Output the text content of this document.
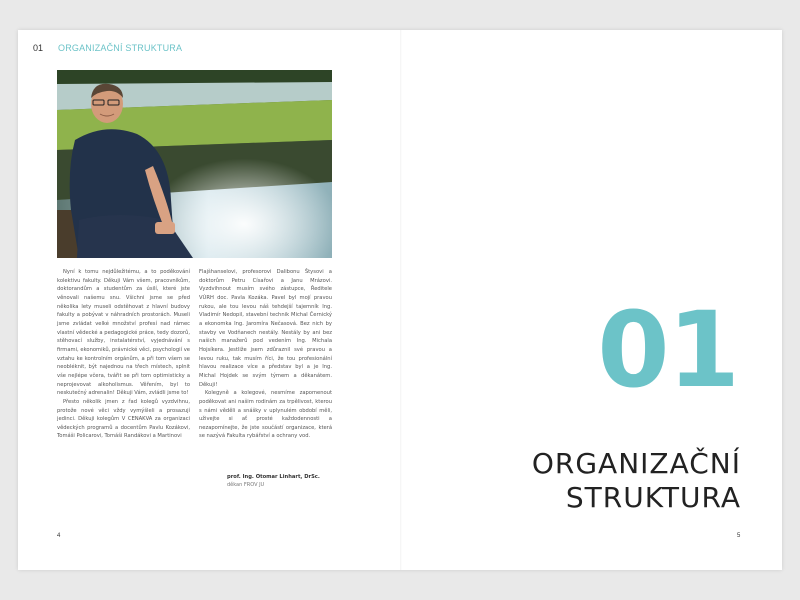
01 ORGANIZAČNÍ STRUKTURA

Nyní k tomu nejdůležitému, a to poděkování kolektivu fakulty. Děkuji Vám všem, pracovníkům, doktorandům a studentům za úsilí, které jste věnovali našemu snu. Všichni jsme se před několika lety museli odstěhovat z hlavní budovy fakulty a pobývat v náhradních prostorách. Museli jsme zvládat velké množství profesí nad rámec vlastní vědecké a pedagogické práce, tedy dozorů, stěhovací služby, instalatérství, vyjednávání s firmami, ekonomiků, právnické věci, psychologií ve vztahu ke kontrolním orgánům, a při tom všem se neobléknit, být najednou na třech místech, splnit vše nejlépe včera, tvářit se při tom optimisticky a neprojevovat alkoholismus. Věřením, byl to neskutečný adrenalin! Děkuji Vám, zvládli jsme to!

Přesto několik jmen z řad kolegů vyzdvihnu, protože nové věci vždy vymýšleli a prosazují jedinci. Děkuji kolegům V CENAKVA za organizaci vědeckých programů a docentům Pavlu Kozákovi, Tomáši Policarovi, Tomáši Randákovi a Martinovi

Flajšhanselovi, profesorovi Dalibonu Štysovi a doktorům Petru Císařovi a Janu Mrázovi. Vyzdvihnout musím svého zástupce, Ředitele VÚRH doc. Pavla Kozáka. Pavel byl mojí pravou rukou, ale tou levou náš tehdejší tajemník Ing. Vladimír Nedopil, stavební technik Michal Černický a ekonomka Ing. Jaromíra Nečasová. Bez nich by stavby ve Vodňanech nestály. Nestály by ani bez našich manažerů pod vedením Ing. Michala Hojsíkera. Jestliže jsem zdůraznil své pravou a levou ruku, tak musím říci, že tou profesionální hlavou realizace více a představ byl a je Ing. Michal Hojdek se svým týmem a děkanátem. Děkuji!

Kolegyně a kolegové, nesmíme zapomenout poděkovat ani našim rodinám za trpělivost, kterou s námi věděli a snášky v uplynulém období měli, uživejte si ať prosté každodennosti a nezapomínejte, že jste součástí organizace, která se nazývá Fakulta rybářství a ochrany vod.

prof. Ing. Otomar Linhart, DrSc.
děkan FROV JU
4	5
01
ORGANIZAČNÍ
STRUKTURA
